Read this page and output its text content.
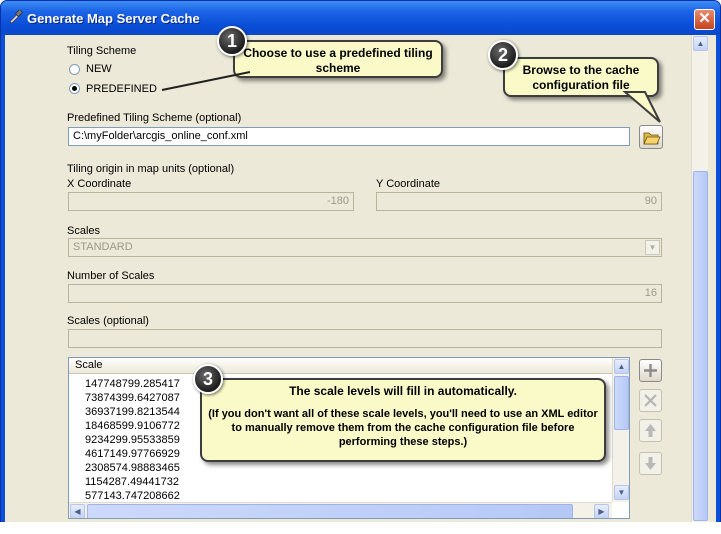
Generate Map Server Cache	✕
Tiling Scheme
NEW
PREDEFINED
Predefined Tiling Scheme (optional)
C:\myFolder\arcgis_online_conf.xml
Tiling origin in map units (optional)
X Coordinate
-180
Y Coordinate
90
Scales
STANDARD	▼
Number of Scales
16
Scales (optional)
Scale
147748799.285417
73874399.6427087
36937199.8213544
18468599.9106772
9234299.95533859
4617149.97766929
2308574.98883465
1154287.49441732
577143.747208662
▲
▼
◀	▶
▲
Choose to use a predefined tiling scheme
1
Browse to the cache configuration file
2
The scale levels will fill in automatically.
(If you don't want all of these scale levels, you'll need to use an XML editor to manually remove them from the cache configuration file before performing these steps.)
3
